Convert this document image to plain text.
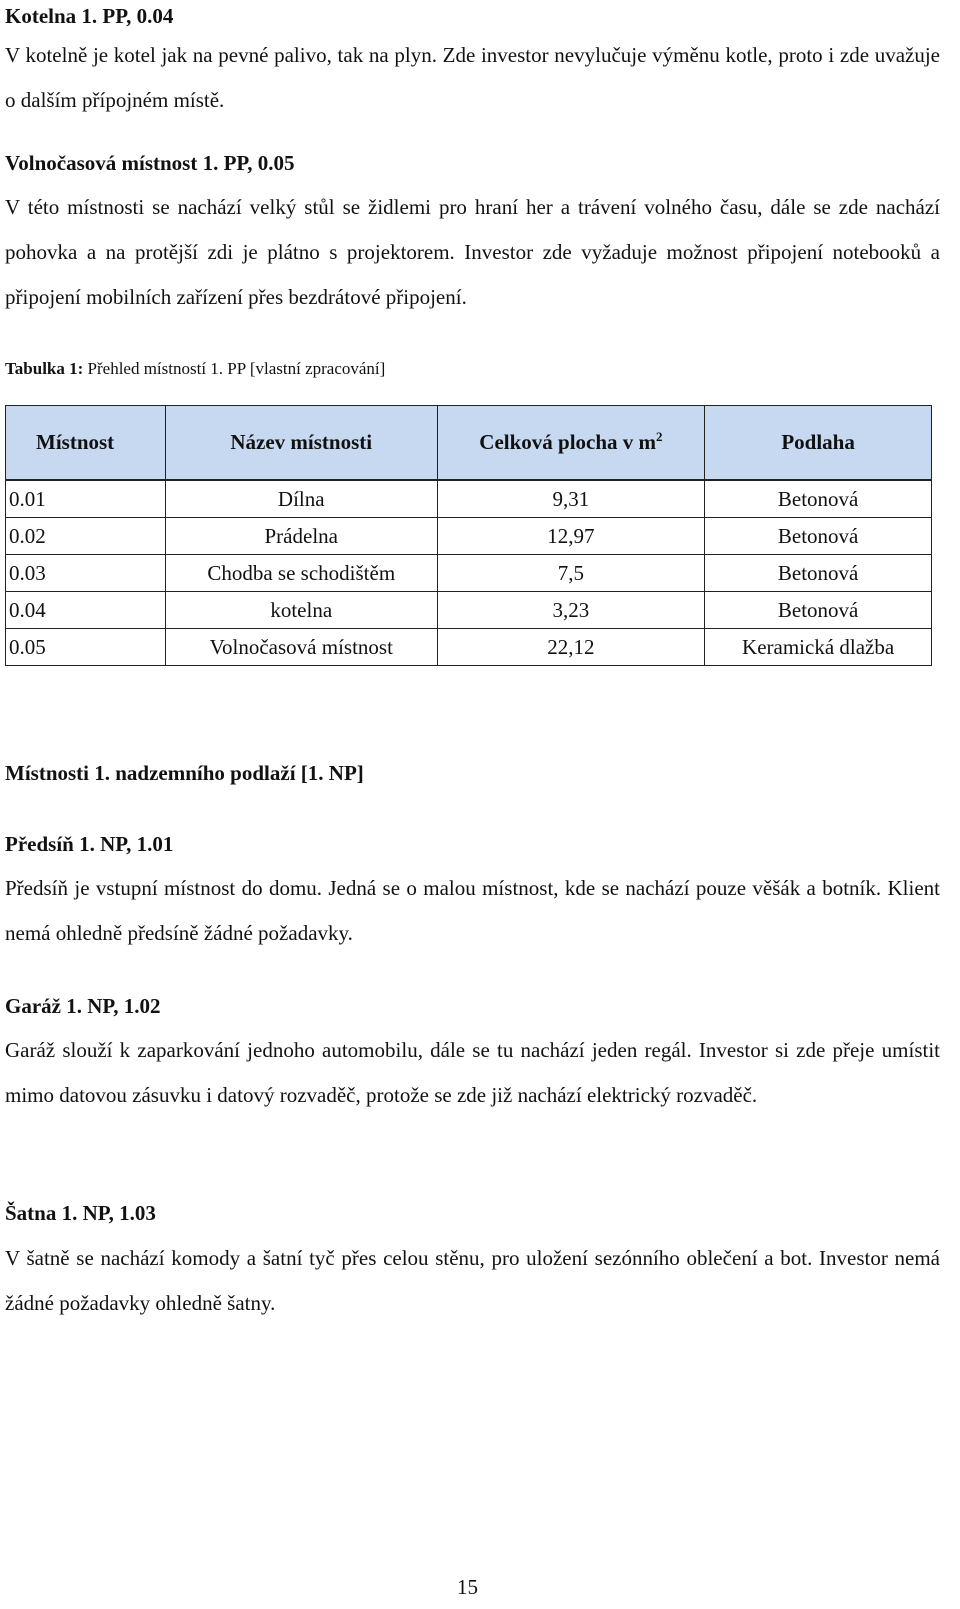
Kotelna 1. PP, 0.04

V kotelně je kotel jak na pevné palivo, tak na plyn. Zde investor nevylučuje výměnu kotle, proto i zde uvažuje o dalším přípojném místě.

Volnočasová místnost 1. PP, 0.05

V této místnosti se nachází velký stůl se židlemi pro hraní her a trávení volného času, dále se zde nachází pohovka a na protější zdi je plátno s projektorem. Investor zde vyžaduje možnost připojení notebooků a připojení mobilních zařízení přes bezdrátové připojení.

Tabulka 1: Přehled místností 1. PP [vlastní zpracování]

Místnost	Název místnosti	Celková plocha v $m^2$	Podlaha
0.01	Dílna	9,31	Betonová
0.02	Prádelna	12,97	Betonová
0.03	Chodba se schodištěm	7,5	Betonová
0.04	kotelna	3,23	Betonová
0.05	Volnočasová místnost	22,12	Keramická dlažba
Místnosti 1. nadzemního podlaží [1. NP]
Předsíň 1. NP, 1.01

Předsíň je vstupní místnost do domu. Jedná se o malou místnost, kde se nachází pouze věšák a botník. Klient nemá ohledně předsíně žádné požadavky.

Garáž 1. NP, 1.02

Garáž slouží k zaparkování jednoho automobilu, dále se tu nachází jeden regál. Investor si zde přeje umístit mimo datovou zásuvku i datový rozvaděč, protože se zde již nachází elektrický rozvaděč.

Šatna 1. NP, 1.03

V šatně se nachází komody a šatní tyč přes celou stěnu, pro uložení sezónního oblečení a bot. Investor nemá žádné požadavky ohledně šatny.

15
